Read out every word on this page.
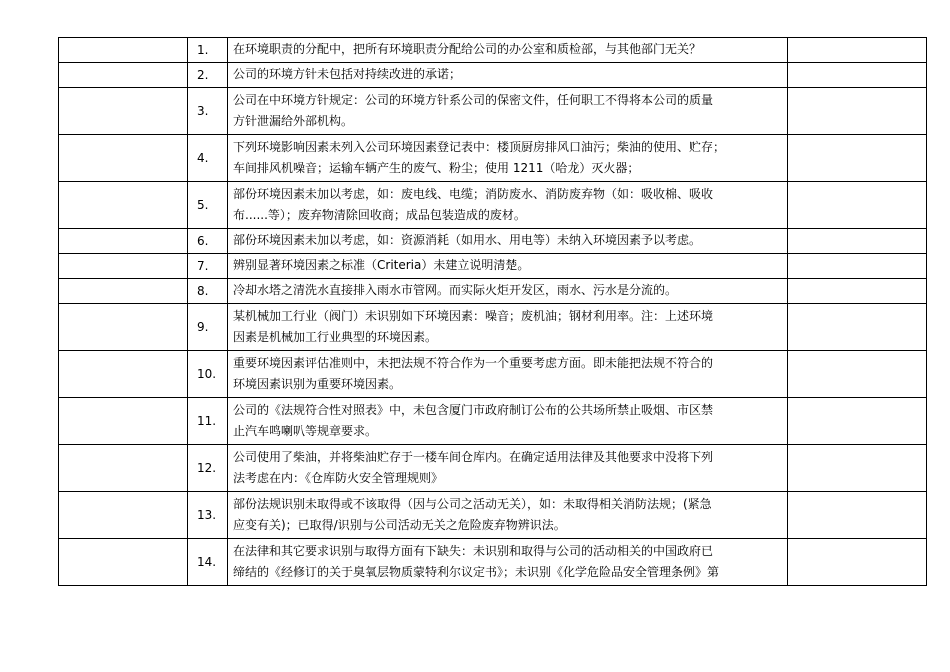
	1.	在环境职责的分配中，把所有环境职责分配给公司的办公室和质检部，与其他部门无关？	
	2.	公司的环境方针未包括对持续改进的承诺；	
	3.	公司在中环境方针规定：公司的环境方针系公司的保密文件，任何职工不得将本公司的质量
方针泄漏给外部机构。	
	4.	下列环境影响因素未列入公司环境因素登记表中：楼顶厨房排风口油污；柴油的使用、贮存；
车间排风机噪音；运输车辆产生的废气、粉尘；使用 1211（哈龙）灭火器；	
	5.	部份环境因素未加以考虑，如：废电线、电缆；消防废水、消防废弃物（如：吸收棉、吸收
布......等）；废弃物清除回收商；成品包装造成的废材。	
	6.	部份环境因素未加以考虑，如：资源消耗（如用水、用电等）未纳入环境因素予以考虑。	
	7.	辨别显著环境因素之标准（Criteria）未建立说明清楚。	
	8.	冷却水塔之清洗水直接排入雨水市管网。而实际火炬开发区，雨水、污水是分流的。	
	9.	某机械加工行业（阀门）未识别如下环境因素：噪音；废机油；钢材利用率。注：上述环境
因素是机械加工行业典型的环境因素。	
	10.	重要环境因素评估准则中，未把法规不符合作为一个重要考虑方面。即未能把法规不符合的
环境因素识别为重要环境因素。	
	11.	公司的《法规符合性对照表》中，未包含厦门市政府制订公布的公共场所禁止吸烟、市区禁
止汽车鸣喇叭等规章要求。	
	12.	公司使用了柴油，并将柴油贮存于一楼车间仓库内。在确定适用法律及其他要求中没将下列
法考虑在内：《仓库防火安全管理规则》	
	13.	部份法规识别未取得或不该取得（因与公司之活动无关），如：未取得相关消防法规；(紧急
应变有关)；已取得/识别与公司活动无关之危险废弃物辨识法。	
	14.	在法律和其它要求识别与取得方面有下缺失：未识别和取得与公司的活动相关的中国政府已
缔结的《经修订的关于臭氧层物质蒙特利尔议定书》；未识别《化学危险品安全管理条例》第	
